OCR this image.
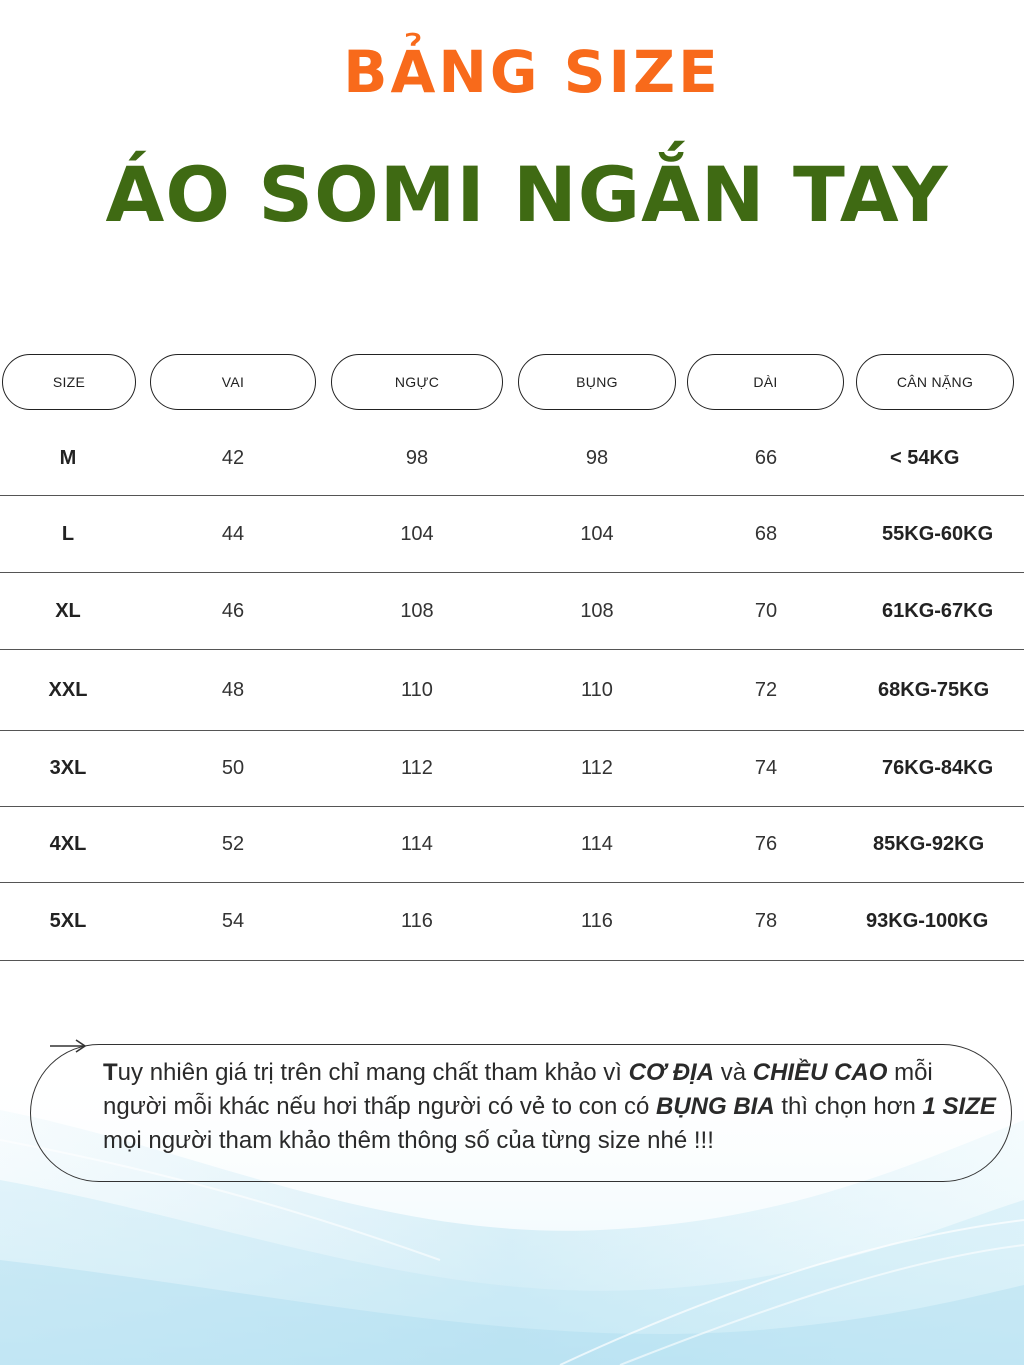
BẢNG SIZE
ÁO SOMI NGẮN TAY
SIZE	VAI	NGỰC	BỤNG	DÀI	CÂN NẶNG
M	42	98	98	66	< 54KG
L	44	104	104	68	55KG-60KG
XL	46	108	108	70	61KG-67KG
XXL	48	110	110	72	68KG-75KG
3XL	50	112	112	74	76KG-84KG
4XL	52	114	114	76	85KG-92KG
5XL	54	116	116	78	93KG-100KG
Tuy nhiên giá trị trên chỉ mang chất tham khảo vì CƠ ĐỊA và CHIỀU CAO mỗi người mỗi khác nếu hơi thấp người có vẻ to con có BỤNG BIA thì chọn hơn 1 SIZE mọi người tham khảo thêm thông số của từng size nhé !!!
